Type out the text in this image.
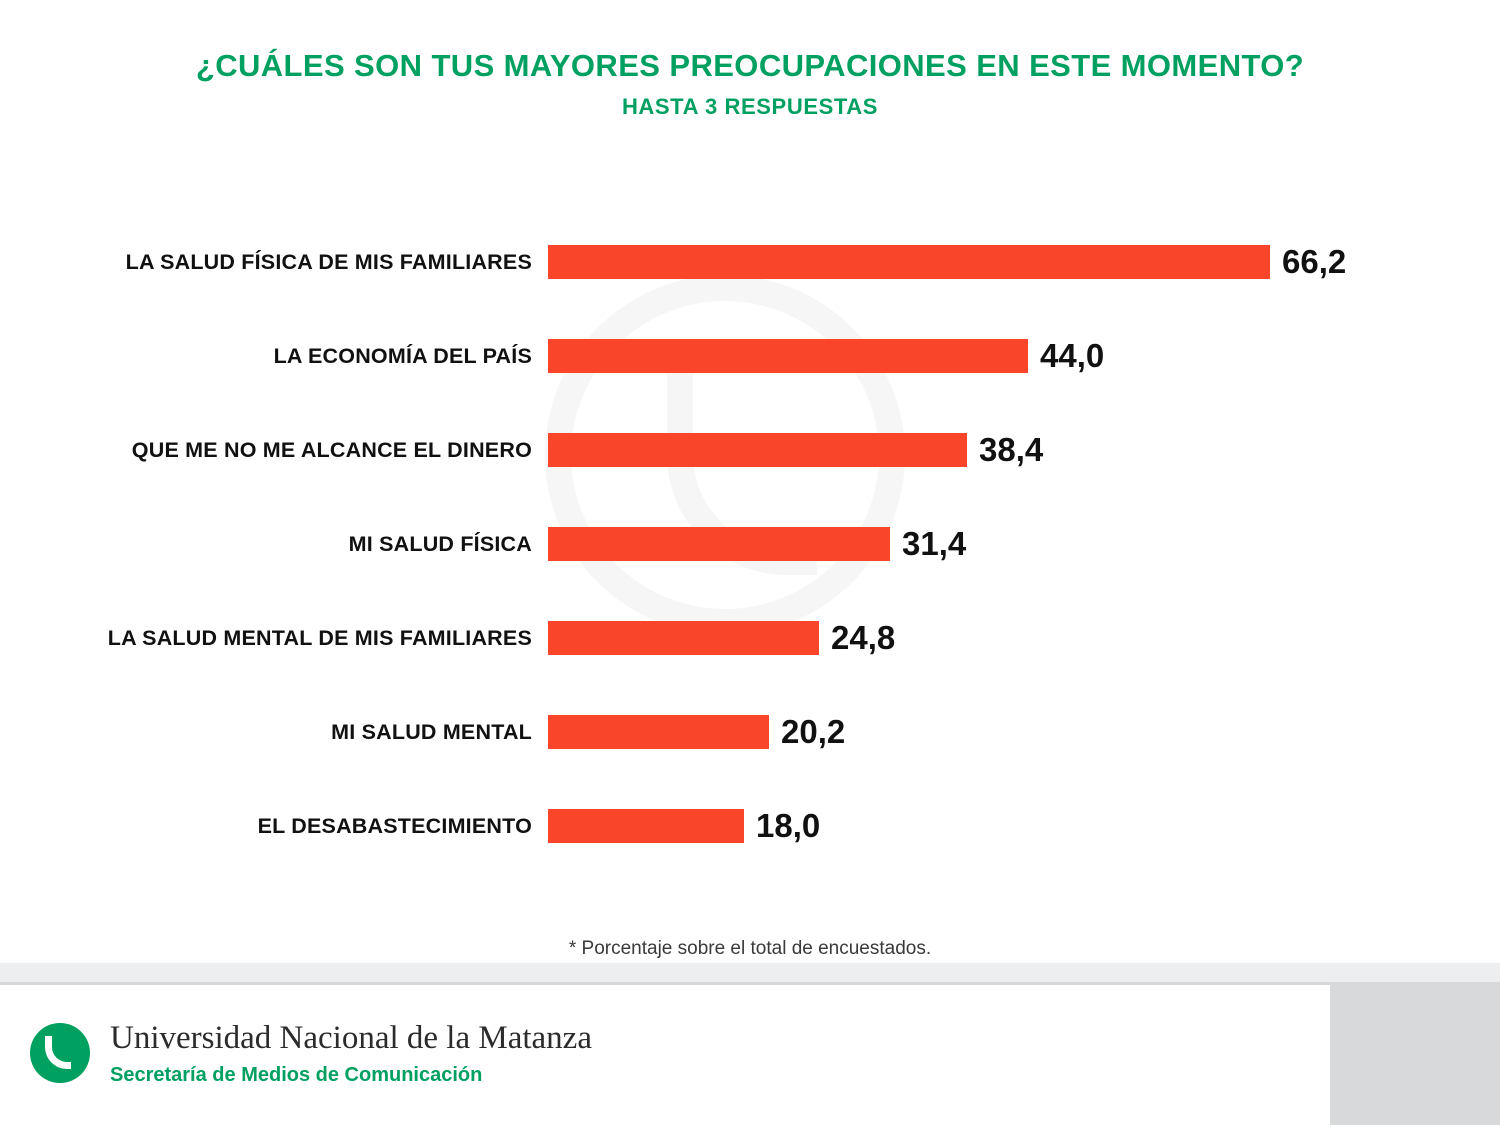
¿CUÁLES SON TUS MAYORES PREOCUPACIONES EN ESTE MOMENTO?
HASTA 3 RESPUESTAS
LA SALUD FÍSICA DE MIS FAMILIARES	66,2
LA ECONOMÍA DEL PAÍS	44,0
QUE ME NO ME ALCANCE EL DINERO	38,4
MI SALUD FÍSICA	31,4
LA SALUD MENTAL DE MIS FAMILIARES	24,8
MI SALUD MENTAL	20,2
EL DESABASTECIMIENTO	18,0
* Porcentaje sobre el total de encuestados.
Universidad Nacional de la Matanza
Secretaría de Medios de Comunicación
